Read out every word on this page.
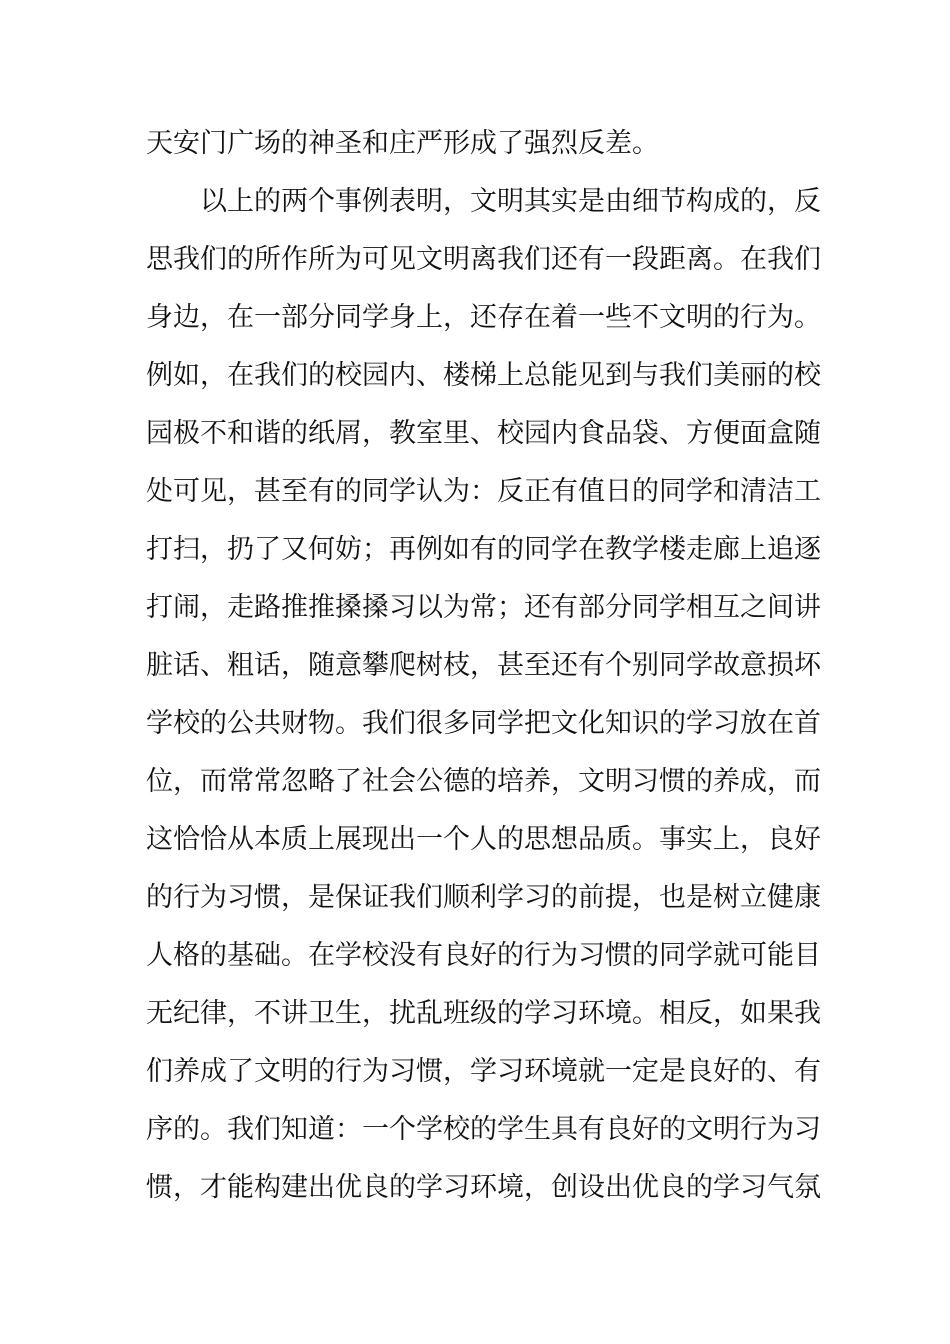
天安门广场的神圣和庄严形成了强烈反差。
以上的两个事例表明，文明其实是由细节构成的，反
思我们的所作所为可见文明离我们还有一段距离。在我们
身边，在一部分同学身上，还存在着一些不文明的行为。
例如，在我们的校园内、楼梯上总能见到与我们美丽的校
园极不和谐的纸屑，教室里、校园内食品袋、方便面盒随
处可见，甚至有的同学认为：反正有值日的同学和清洁工
打扫，扔了又何妨；再例如有的同学在教学楼走廊上追逐
打闹，走路推推搡搡习以为常；还有部分同学相互之间讲
脏话、粗话，随意攀爬树枝，甚至还有个别同学故意损坏
学校的公共财物。我们很多同学把文化知识的学习放在首
位，而常常忽略了社会公德的培养，文明习惯的养成，而
这恰恰从本质上展现出一个人的思想品质。事实上，良好
的行为习惯，是保证我们顺利学习的前提，也是树立健康
人格的基础。在学校没有良好的行为习惯的同学就可能目
无纪律，不讲卫生，扰乱班级的学习环境。相反，如果我
们养成了文明的行为习惯，学习环境就一定是良好的、有
序的。我们知道：一个学校的学生具有良好的文明行为习
惯，才能构建出优良的学习环境，创设出优良的学习气氛
